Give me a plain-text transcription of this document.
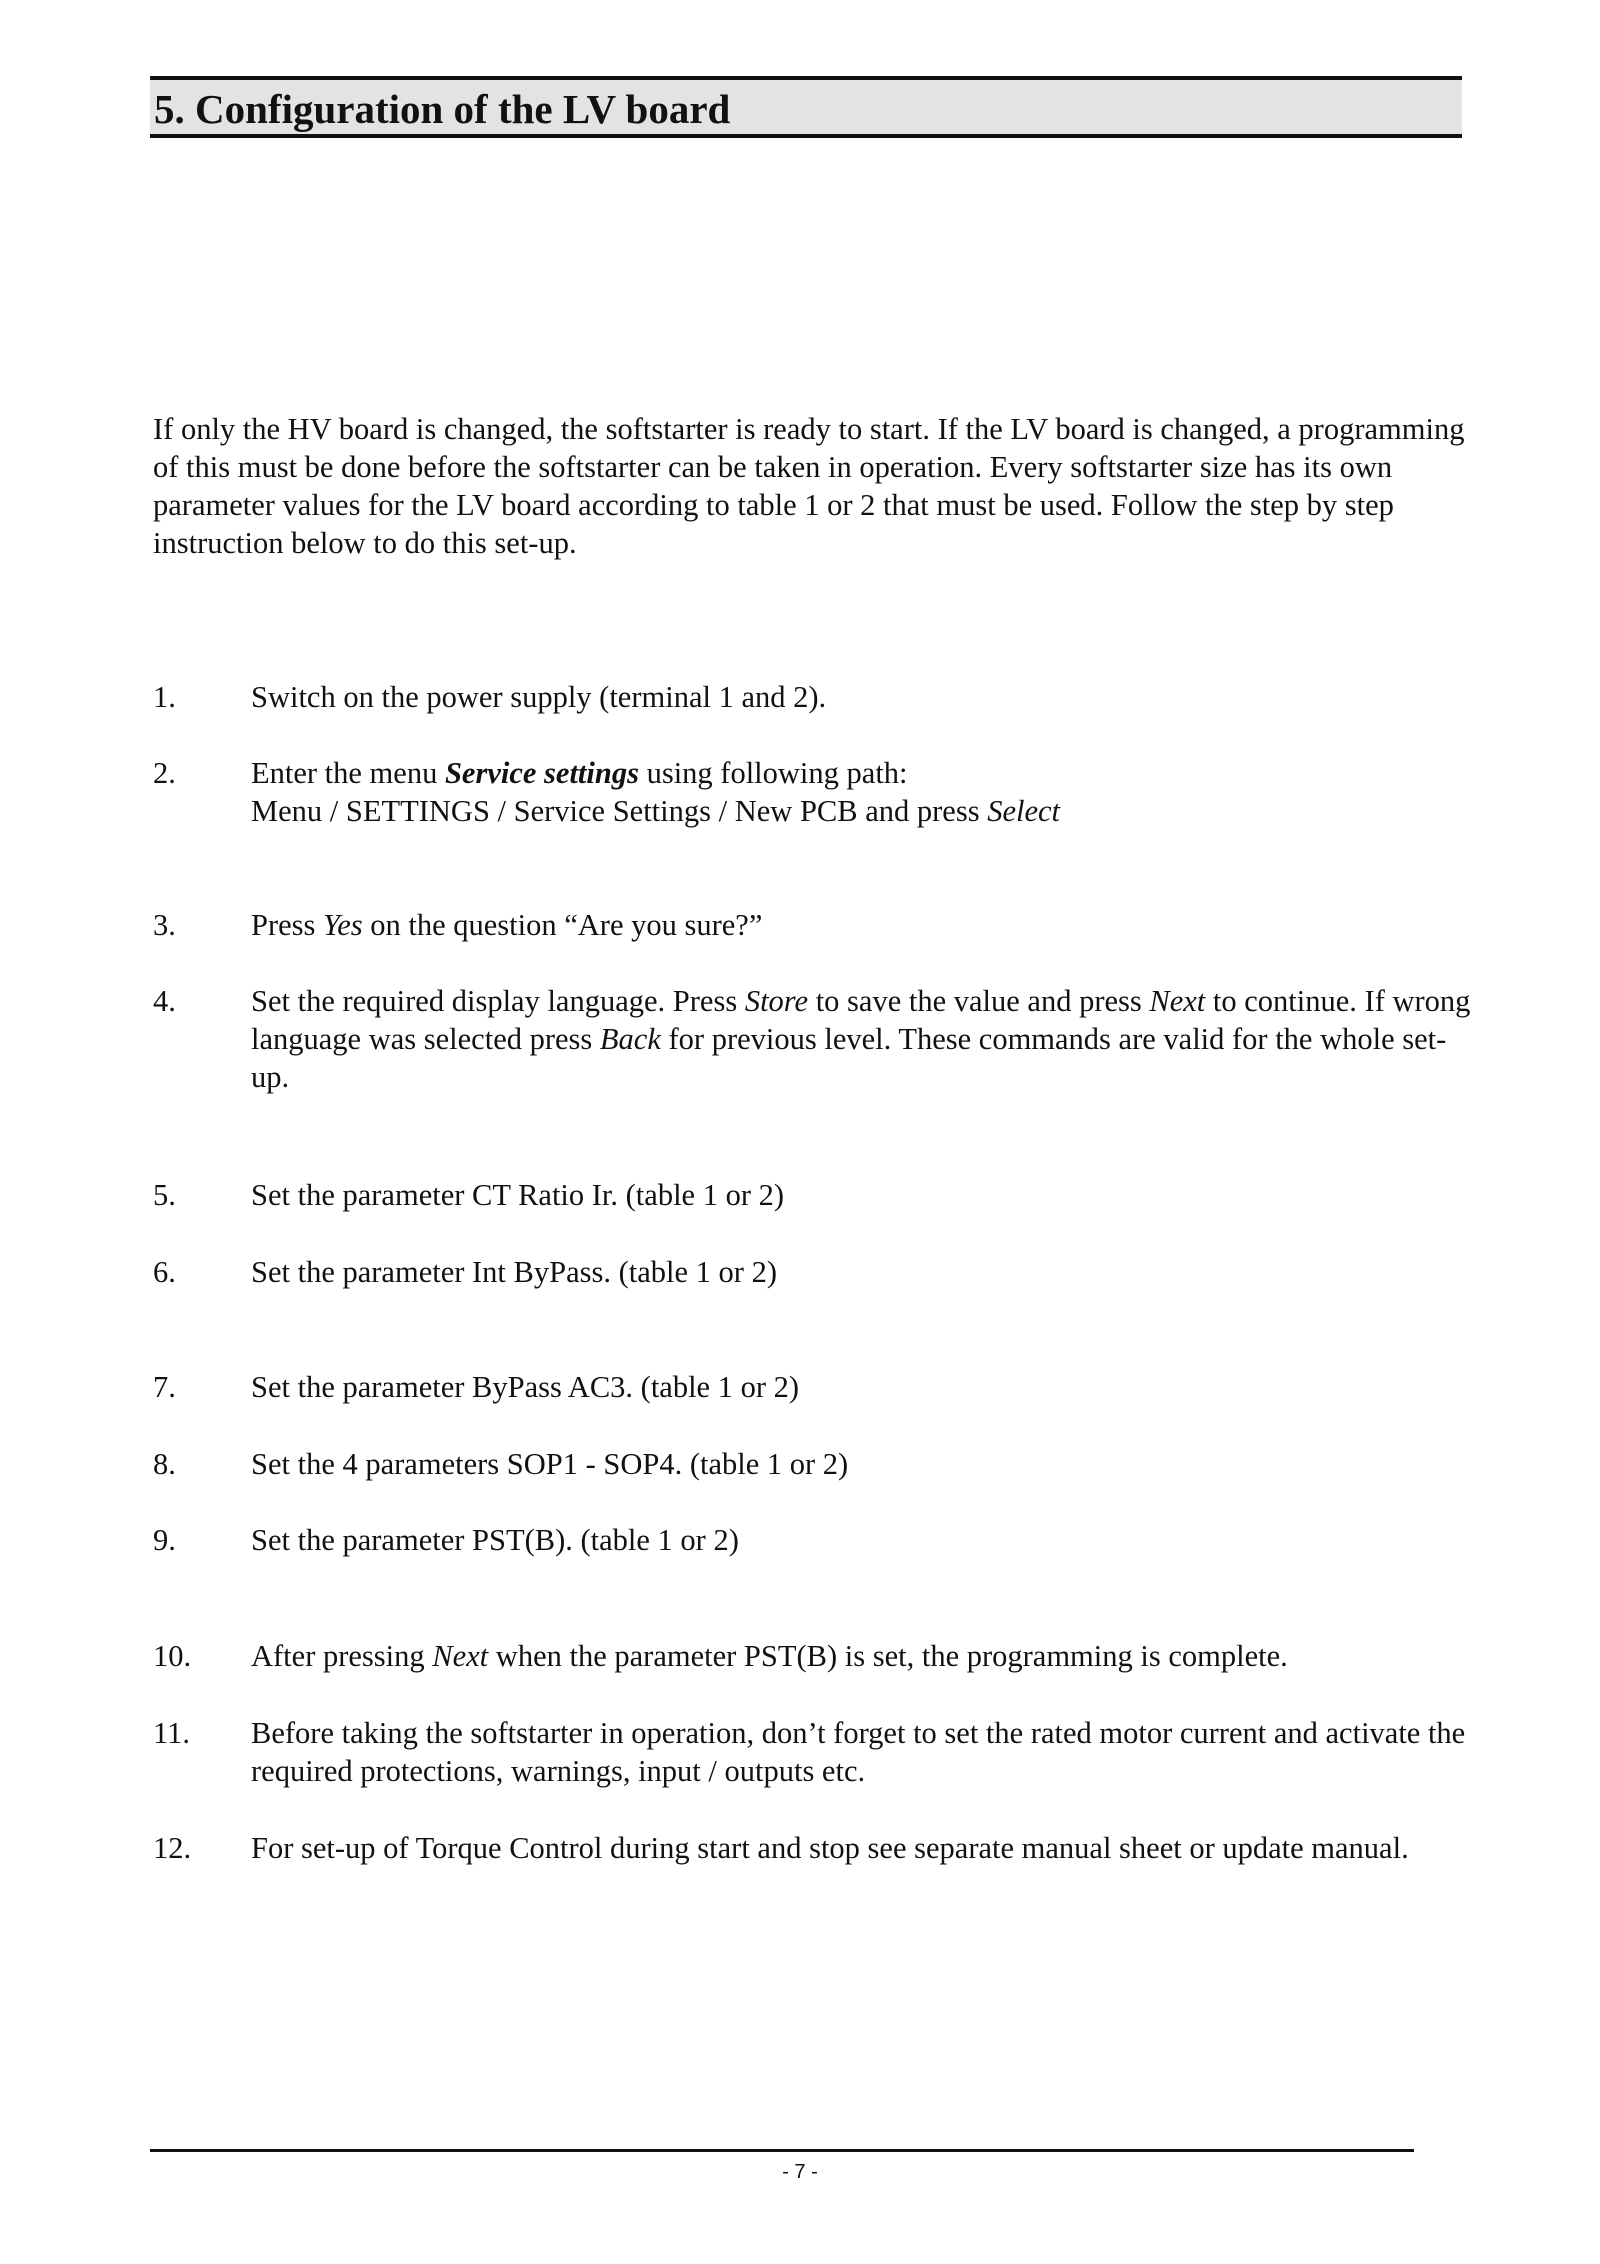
5. Configuration of the LV board

If only the HV board is changed, the softstarter is ready to start. If the LV board is changed, a programming of this must be done before the softstarter can be taken in operation. Every softstarter size has its own parameter values for the LV board according to table 1 or 2 that must be used. Follow the step by step instruction below to do this set-up.

1.	Switch on the power supply (terminal 1 and 2).

2.	Enter the menu Service settings using following path:

Menu / SETTINGS / Service Settings / New PCB and press Select

3.	Press Yes on the question “Are you sure?”

4.	Set the required display language. Press Store to save the value and press Next to continue. If wrong language was selected press Back for previous level. These commands are valid for the whole set-up.

5.	Set the parameter CT Ratio Ir. (table 1 or 2)

6.	Set the parameter Int ByPass. (table 1 or 2)

7.	Set the parameter ByPass AC3. (table 1 or 2)

8.	Set the 4 parameters SOP1 - SOP4. (table 1 or 2)

9.	Set the parameter PST(B). (table 1 or 2)

10.	After pressing Next when the parameter PST(B) is set, the programming is complete.

11.	Before taking the softstarter in operation, don’t forget to set the rated motor current and activate the required protections, warnings, input / outputs etc.

12.	For set-up of Torque Control during start and stop see separate manual sheet or update manual.

- 7 -
